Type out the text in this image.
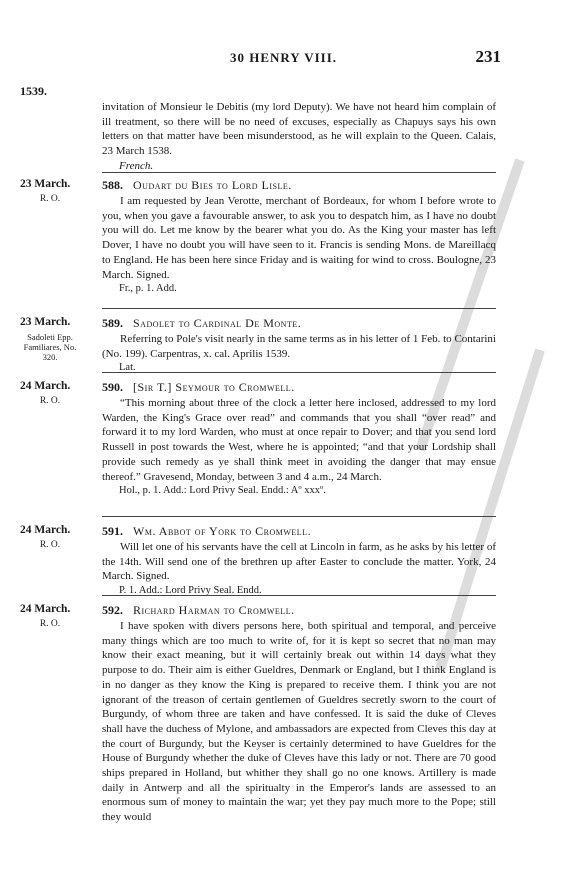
30 HENRY VIII.	231
1539.
invitation of Monsieur le Debitis (my lord Deputy). We have not heard him complain of ill treatment, so there will be no need of excuses, especially as Chapuys says his own letters on that matter have been misunderstood, as he will explain to the Queen. Calais, 23 March 1538.
French.
23 March.
R. O.
588. Oudart du Bies to Lord Lisle.

I am requested by Jean Verotte, merchant of Bordeaux, for whom I before wrote to you, when you gave a favourable answer, to ask you to despatch him, as I have no doubt you will do. Let me know by the bearer what you do. As the King your master has left Dover, I have no doubt you will have seen to it. Francis is sending Mons. de Mareillacq to England. He has been here since Friday and is waiting for wind to cross. Boulogne, 23 March. Signed.

Fr., p. 1. Add.
23 March.
Sadoleti Epp. Familiares, No. 320.
589. Sadolet to Cardinal De Monte.

Referring to Pole's visit nearly in the same terms as in his letter of 1 Feb. to Contarini (No. 199). Carpentras, x. cal. Aprilis 1539.

Lat.
24 March.
R. O.
590. [Sir T.] Seymour to Cromwell.

“This morning about three of the clock a letter here inclosed, addressed to my lord Warden, the King's Grace over read” and commands that you shall “over read” and forward it to my lord Warden, who must at once repair to Dover; and that you send lord Russell in post towards the West, where he is appointed; “and that your Lordship shall provide such remedy as ye shall think meet in avoiding the danger that may ensue thereof.” Gravesend, Monday, between 3 and 4 a.m., 24 March.

Hol., p. 1. Add.: Lord Privy Seal. Endd.: Aº xxxº.
24 March.
R. O.
591. Wm. Abbot of York to Cromwell.

Will let one of his servants have the cell at Lincoln in farm, as he asks by his letter of the 14th. Will send one of the brethren up after Easter to conclude the matter. York, 24 March. Signed.

P. 1. Add.: Lord Privy Seal. Endd.
24 March.
R. O.
592. Richard Harman to Cromwell.

I have spoken with divers persons here, both spiritual and temporal, and perceive many things which are too much to write of, for it is kept so secret that no man may know their exact meaning, but it will certainly break out within 14 days what they purpose to do. Their aim is either Gueldres, Denmark or England, but I think England is in no danger as they know the King is prepared to receive them. I think you are not ignorant of the treason of certain gentlemen of Gueldres secretly sworn to the court of Burgundy, of whom three are taken and have confessed. It is said the duke of Cleves shall have the duchess of Mylone, and ambassadors are expected from Cleves this day at the court of Burgundy, but the Keyser is certainly determined to have Gueldres for the House of Burgundy whether the duke of Cleves have this lady or not. There are 70 good ships prepared in Holland, but whither they shall go no one knows. Artillery is made daily in Antwerp and all the spiritualty in the Emperor's lands are assessed to an enormous sum of money to maintain the war; yet they pay much more to the Pope; still they would
